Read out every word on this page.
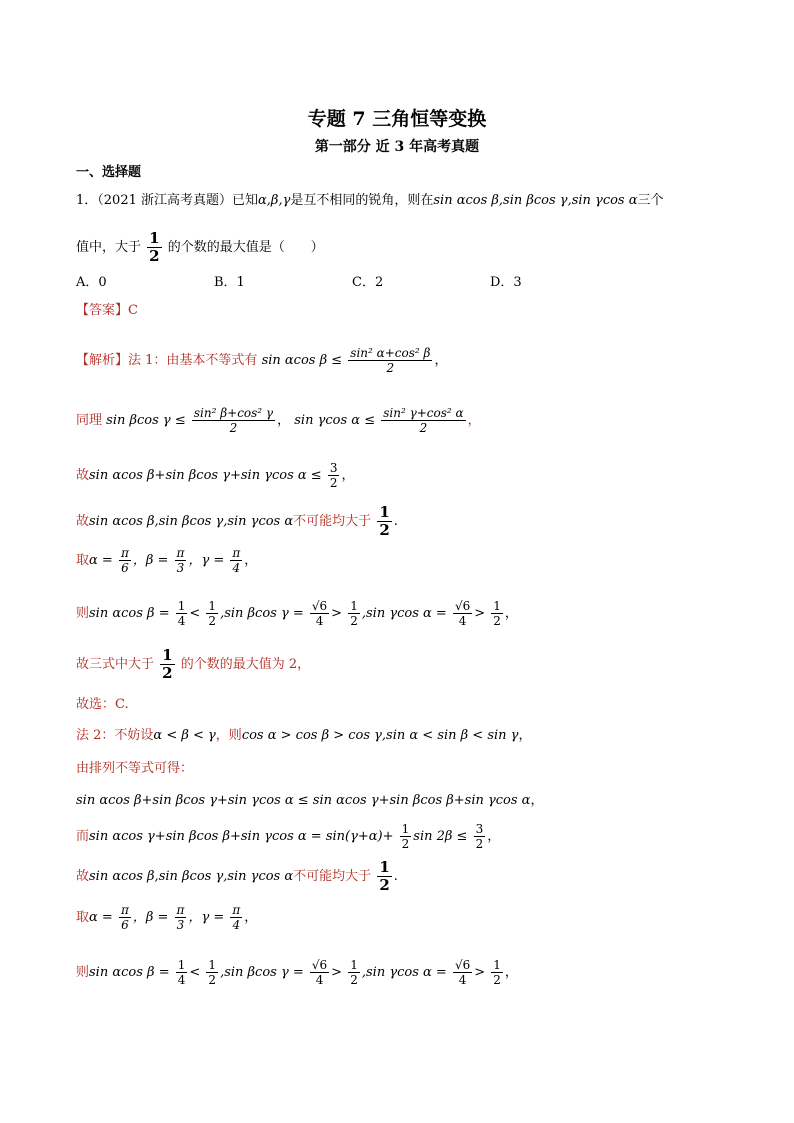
专题 7 三角恒等变换
第一部分 近 3 年高考真题
一、选择题
1．（2021 浙江高考真题）已知α,β,γ是互不相同的锐角，则在sin αcos β,sin βcos γ,sin γcos α三个
值中，大于 $\frac{1}{2}$ 的个数的最大值是（　　）
A．0	B．1	C．2	D．3
【答案】C
【解析】法 1：由基本不等式有 sin αcos $\beta \le \frac{\text{sin² α+cos² β}}{2}$ ，
同理 sin βcos $\gamma \le \frac{\text{sin² β+cos² γ}}{2}$ ， sin γcos $\alpha \le \frac{\text{sin² γ+cos² α}}{2}$ ，
故sin αcos β+sin βcos γ+sin γcos $\alpha \le \frac{3}{2}$ ，
故sin αcos β,sin βcos γ,sin γcos α不可能均大于 $\frac{1}{2}$ .
取$\alpha = \frac{\pi}{6}$ ，$\beta = \frac{\pi}{3}$ ，$\gamma = \frac{\pi}{4}$ ，
则sin αcos $\beta = \frac{1}{4} < \frac{1}{2} ,\sin$ βcos $\gamma = \frac{√6}{4} > \frac{1}{2} ,\sin$ γcos $\alpha = \frac{√6}{4} > \frac{1}{2}$ ，
故三式中大于 $\frac{1}{2}$ 的个数的最大值为 2，
故选：C.
法 2：不妨设α < β < γ，则cos α > cos β > cos γ,sin α < sin β < sin γ，
由排列不等式可得：
sin αcos β+sin βcos γ+sin γcos α ≤ sin αcos γ+sin βcos β+sin γcos α，
而sin αcos γ+sin βcos β+sin γcos $\alpha = \sin(\gamma+\alpha)+ \frac{1}{2}$ $\sin 2\beta \le \frac{3}{2}$ ，
故sin αcos β,sin βcos γ,sin γcos α不可能均大于 $\frac{1}{2}$ .
取$\alpha = \frac{\pi}{6}$ ，$\beta = \frac{\pi}{3}$ ，$\gamma = \frac{\pi}{4}$ ，
则sin αcos $\beta = \frac{1}{4} < \frac{1}{2} ,\sin$ βcos $\gamma = \frac{√6}{4} > \frac{1}{2} ,\sin$ γcos $\alpha = \frac{√6}{4} > \frac{1}{2}$ ，
